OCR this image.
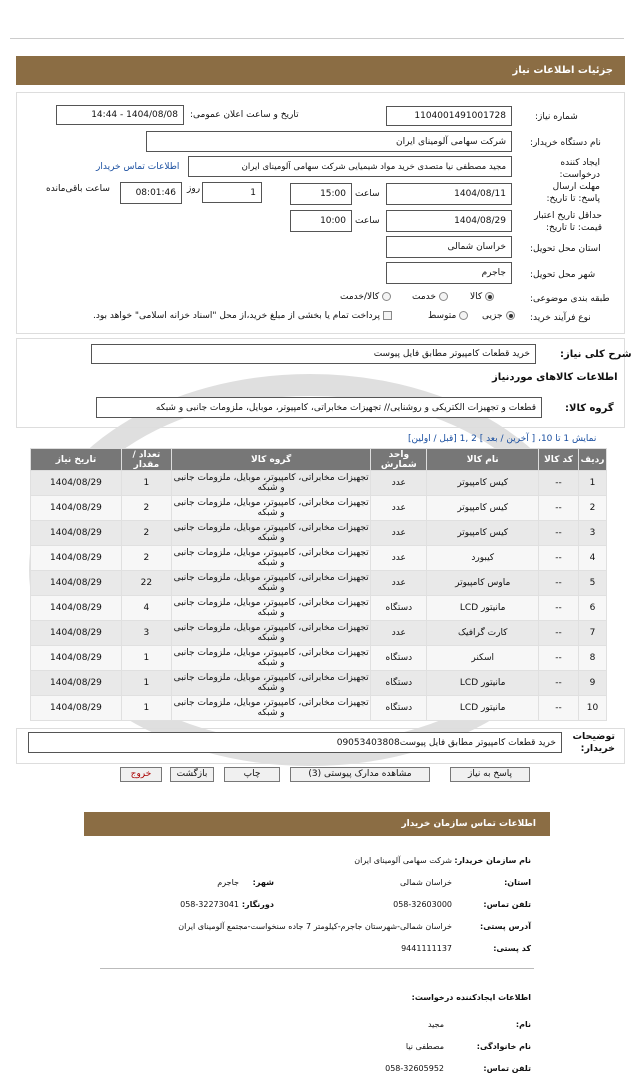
جزئیات اطلاعات نیاز
شماره نیاز:
1104001491001728
تاریخ و ساعت اعلان عمومی:
1404/08/08 - 14:44
نام دستگاه خریدار:
شرکت سهامی آلومینای ایران
ایجاد کننده درخواست:
مجید مصطفی نیا متصدی خرید مواد شیمیایی شرکت سهامی آلومینای ایران
اطلاعات تماس خریدار
مهلت ارسال پاسخ: تا تاریخ:
1404/08/11
ساعت
15:00
1
روز
08:01:46
ساعت باقی‌مانده
حداقل تاریخ اعتبار قیمت: تا تاریخ:
1404/08/29
ساعت
10:00
استان محل تحویل:
خراسان شمالی
شهر محل تحویل:
جاجرم
طبقه بندی موضوعی:
کالا
خدمت
کالا/خدمت
نوع فرآیند خرید:
جزیی
متوسط
پرداخت تمام یا بخشی از مبلغ خرید،از محل "اسناد خزانه اسلامی" خواهد بود.
شرح کلی نیاز:
خرید قطعات کامپیوتر مطابق فایل پیوست
اطلاعات کالاهای موردنیاز
گروه کالا:
قطعات و تجهیزات الکتریکی و روشنایی// تجهیزات مخابراتی، کامپیوتر، موبایل، ملزومات جانبی و شبکه
نمایش 1 تا 10، [ آخرین / بعد ] 2 ,1 [قبل / اولین]
ردیف	کد کالا	نام کالا	واحد شمارش	گروه کالا	تعداد / مقدار	تاریخ نیاز
1	--	کیس کامپیوتر	عدد	تجهیزات مخابراتی، کامپیوتر، موبایل، ملزومات جانبی و شبکه	1	1404/08/29
2	--	کیس کامپیوتر	عدد	تجهیزات مخابراتی، کامپیوتر، موبایل، ملزومات جانبی و شبکه	2	1404/08/29
3	--	کیس کامپیوتر	عدد	تجهیزات مخابراتی، کامپیوتر، موبایل، ملزومات جانبی و شبکه	2	1404/08/29
4	--	کیبورد	عدد	تجهیزات مخابراتی، کامپیوتر، موبایل، ملزومات جانبی و شبکه	2	1404/08/29
5	--	ماوس کامپیوتر	عدد	تجهیزات مخابراتی، کامپیوتر، موبایل، ملزومات جانبی و شبکه	22	1404/08/29
6	--	مانیتور LCD	دستگاه	تجهیزات مخابراتی، کامپیوتر، موبایل، ملزومات جانبی و شبکه	4	1404/08/29
7	--	کارت گرافیک	عدد	تجهیزات مخابراتی، کامپیوتر، موبایل، ملزومات جانبی و شبکه	3	1404/08/29
8	--	اسکنر	دستگاه	تجهیزات مخابراتی، کامپیوتر، موبایل، ملزومات جانبی و شبکه	1	1404/08/29
9	--	مانیتور LCD	دستگاه	تجهیزات مخابراتی، کامپیوتر، موبایل، ملزومات جانبی و شبکه	1	1404/08/29
10	--	مانیتور LCD	دستگاه	تجهیزات مخابراتی، کامپیوتر، موبایل، ملزومات جانبی و شبکه	1	1404/08/29
توضیحات خریدار:
خرید قطعات کامپیوتر مطابق فایل پیوست09053403808
پاسخ به نیاز
مشاهده مدارک پیوستی (3)
چاپ
بازگشت
خروج
اطلاعات تماس سازمان خریدار
نام سازمان خریدار:
شرکت سهامی آلومینای ایران
استان:
خراسان شمالی
شهر:
جاجرم
تلفن تماس:
058-32603000
دورنگار:
058-32273041
آدرس پستی:
خراسان شمالی-شهرستان جاجرم-کیلومتر 7 جاده سنخواست-مجتمع آلومینای ایران
کد پستی:
9441111137
اطلاعات ایجادکننده درخواست:
نام:
مجید
نام خانوادگی:
مصطفی نیا
تلفن تماس:
058-32605952
